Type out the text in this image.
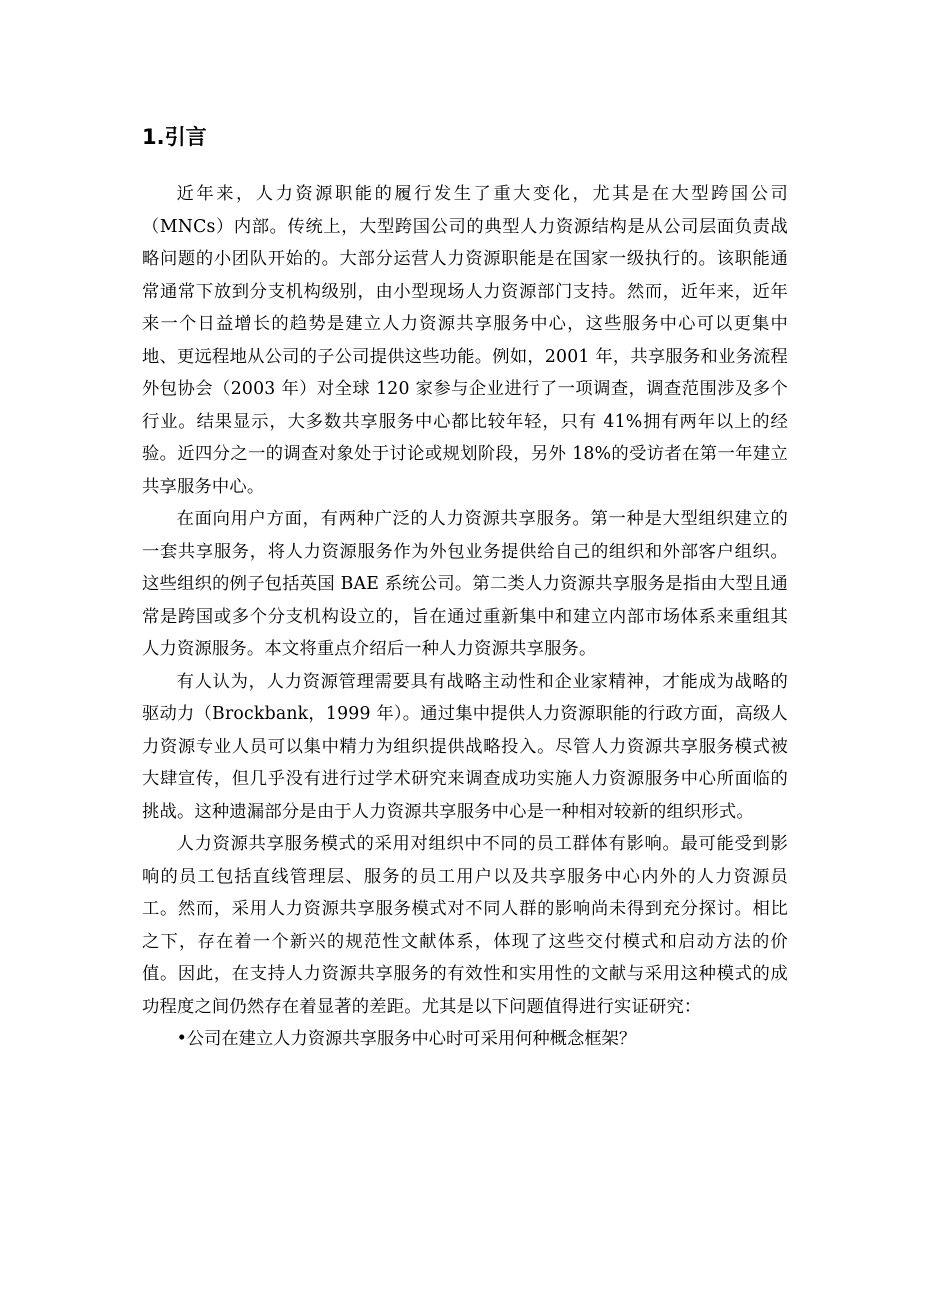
1.引言

近年来，人力资源职能的履行发生了重大变化，尤其是在大型跨国公司（MNCs）内部。传统上，大型跨国公司的典型人力资源结构是从公司层面负责战略问题的小团队开始的。大部分运营人力资源职能是在国家一级执行的。该职能通常通常下放到分支机构级别，由小型现场人力资源部门支持。然而，近年来，近年来一个日益增长的趋势是建立人力资源共享服务中心，这些服务中心可以更集中地、更远程地从公司的子公司提供这些功能。例如，2001 年，共享服务和业务流程外包协会（2003 年）对全球 120 家参与企业进行了一项调查，调查范围涉及多个行业。结果显示，大多数共享服务中心都比较年轻，只有 41%拥有两年以上的经验。近四分之一的调查对象处于讨论或规划阶段，另外 18%的受访者在第一年建立共享服务中心。

在面向用户方面，有两种广泛的人力资源共享服务。第一种是大型组织建立的一套共享服务，将人力资源服务作为外包业务提供给自己的组织和外部客户组织。这些组织的例子包括英国 BAE 系统公司。第二类人力资源共享服务是指由大型且通常是跨国或多个分支机构设立的，旨在通过重新集中和建立内部市场体系来重组其人力资源服务。本文将重点介绍后一种人力资源共享服务。

有人认为，人力资源管理需要具有战略主动性和企业家精神，才能成为战略的驱动力（Brockbank，1999 年）。通过集中提供人力资源职能的行政方面，高级人力资源专业人员可以集中精力为组织提供战略投入。尽管人力资源共享服务模式被大肆宣传，但几乎没有进行过学术研究来调查成功实施人力资源服务中心所面临的挑战。这种遗漏部分是由于人力资源共享服务中心是一种相对较新的组织形式。

人力资源共享服务模式的采用对组织中不同的员工群体有影响。最可能受到影响的员工包括直线管理层、服务的员工用户以及共享服务中心内外的人力资源员工。然而，采用人力资源共享服务模式对不同人群的影响尚未得到充分探讨。相比之下，存在着一个新兴的规范性文献体系，体现了这些交付模式和启动方法的价值。因此，在支持人力资源共享服务的有效性和实用性的文献与采用这种模式的成功程度之间仍然存在着显著的差距。尤其是以下问题值得进行实证研究：

•公司在建立人力资源共享服务中心时可采用何种概念框架？
